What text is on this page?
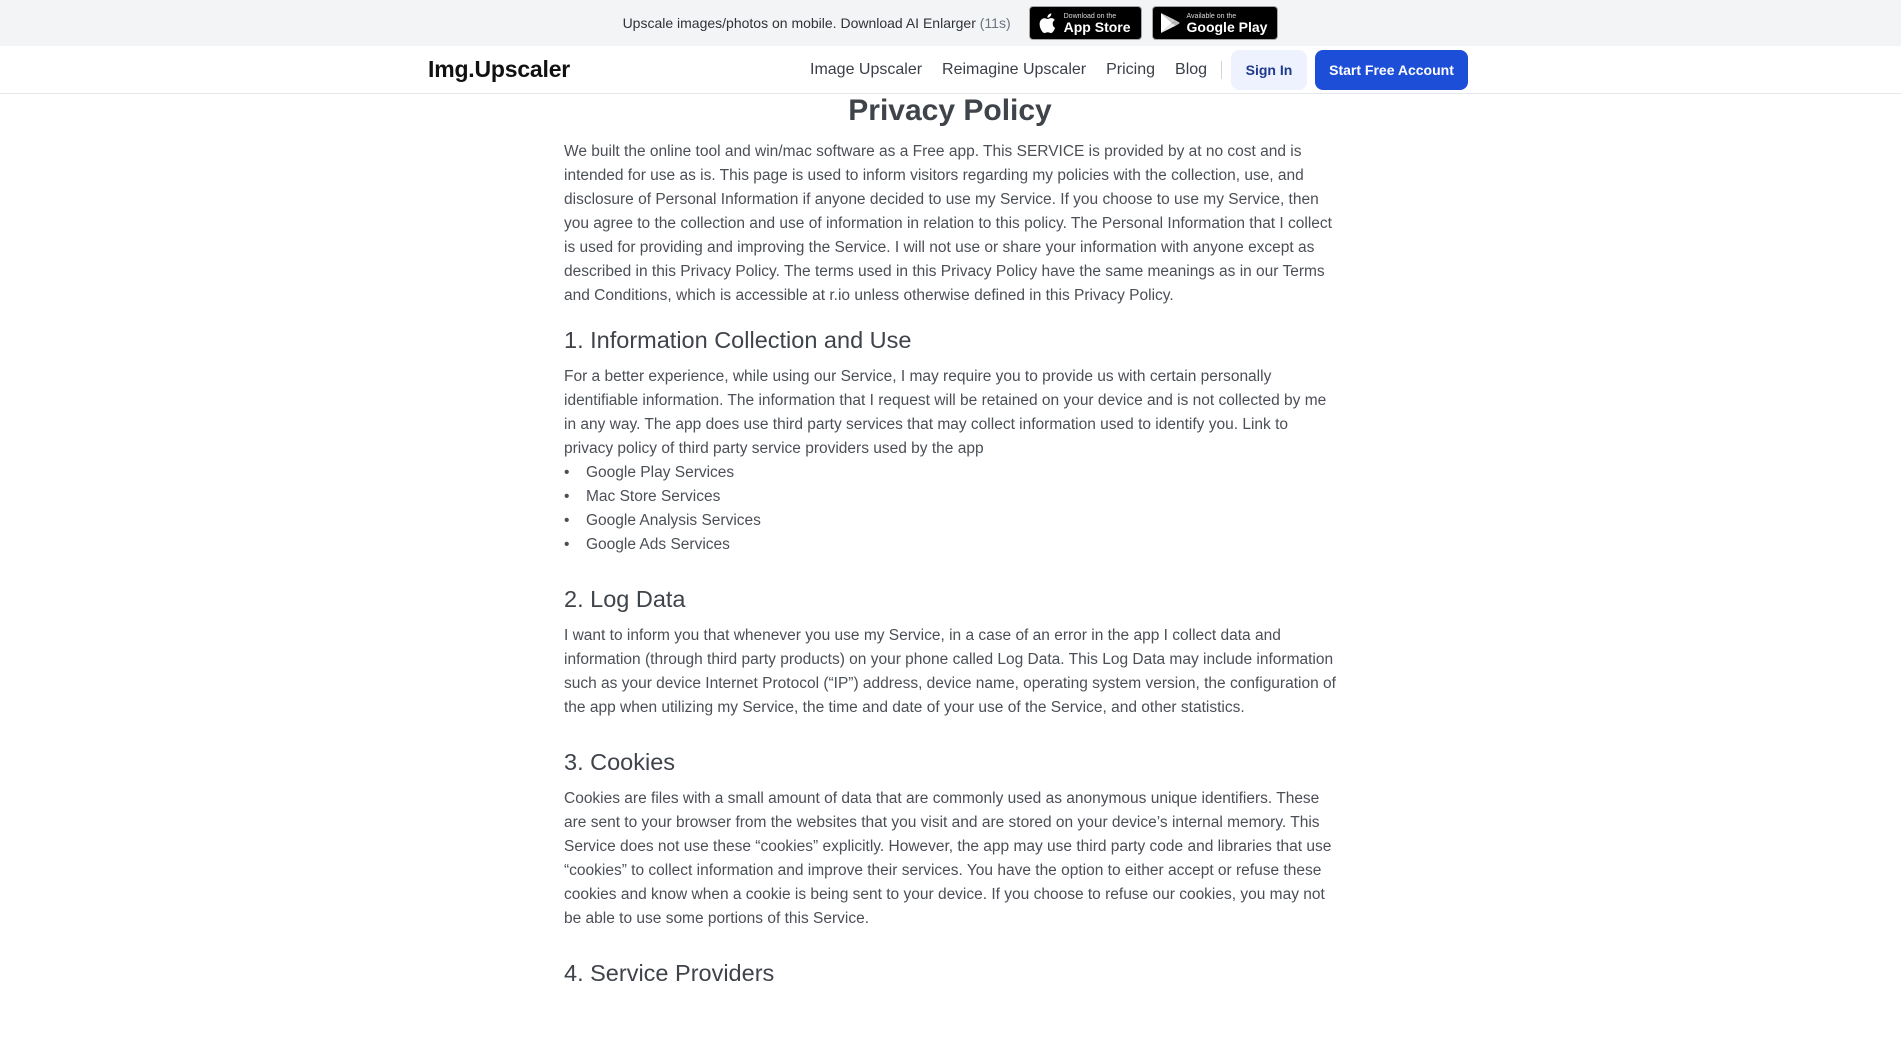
Upscale images/photos on mobile. Download AI Enlarger (11s)	Download on the
App Store
Available on the
Google Play
Img.Upscaler	Image Upscaler Reimagine Upscaler Pricing Blog	Sign In	Start Free Account
Privacy Policy

We built the online tool and win/mac software as a Free app. This SERVICE is provided by at no cost and is intended for use as is. This page is used to inform visitors regarding my policies with the collection, use, and disclosure of Personal Information if anyone decided to use my Service. If you choose to use my Service, then you agree to the collection and use of information in relation to this policy. The Personal Information that I collect is used for providing and improving the Service. I will not use or share your information with anyone except as described in this Privacy Policy. The terms used in this Privacy Policy have the same meanings as in our Terms and Conditions, which is accessible at r.io unless otherwise defined in this Privacy Policy.

1. Information Collection and Use

For a better experience, while using our Service, I may require you to provide us with certain personally identifiable information. The information that I request will be retained on your device and is not collected by me in any way. The app does use third party services that may collect information used to identify you. Link to privacy policy of third party service providers used by the app

• Google Play Services
• Mac Store Services
• Google Analysis Services
• Google Ads Services
2. Log Data

I want to inform you that whenever you use my Service, in a case of an error in the app I collect data and information (through third party products) on your phone called Log Data. This Log Data may include information such as your device Internet Protocol (“IP”) address, device name, operating system version, the configuration of the app when utilizing my Service, the time and date of your use of the Service, and other statistics.

3. Cookies

Cookies are files with a small amount of data that are commonly used as anonymous unique identifiers. These are sent to your browser from the websites that you visit and are stored on your device’s internal memory. This Service does not use these “cookies” explicitly. However, the app may use third party code and libraries that use “cookies” to collect information and improve their services. You have the option to either accept or refuse these cookies and know when a cookie is being sent to your device. If you choose to refuse our cookies, you may not be able to use some portions of this Service.

4. Service Providers
